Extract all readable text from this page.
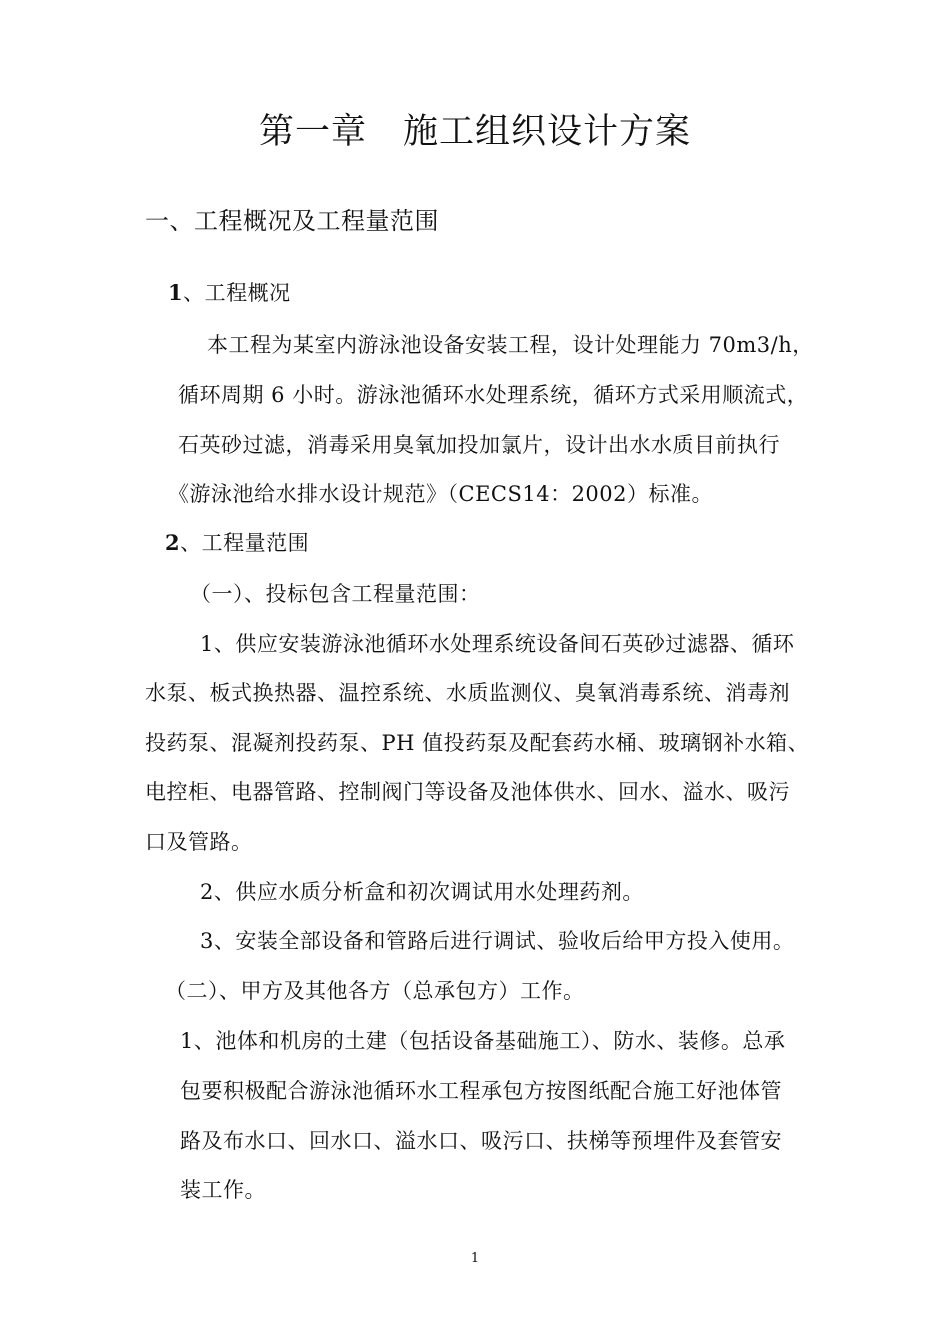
第一章　施工组织设计方案
一、工程概况及工程量范围
1、工程概况
本工程为某室内游泳池设备安装工程，设计处理能力 70m3/h，
循环周期 6 小时。游泳池循环水处理系统，循环方式采用顺流式，
石英砂过滤，消毒采用臭氧加投加氯片，设计出水水质目前执行
《游泳池给水排水设计规范》（CECS14：2002）标准。
2、工程量范围
（一）、投标包含工程量范围：
1、供应安装游泳池循环水处理系统设备间石英砂过滤器、循环
水泵、板式换热器、温控系统、水质监测仪、臭氧消毒系统、消毒剂
投药泵、混凝剂投药泵、PH 值投药泵及配套药水桶、玻璃钢补水箱、
电控柜、电器管路、控制阀门等设备及池体供水、回水、溢水、吸污
口及管路。
2、供应水质分析盒和初次调试用水处理药剂。
3、安装全部设备和管路后进行调试、验收后给甲方投入使用。
（二）、甲方及其他各方（总承包方）工作。
1、池体和机房的土建（包括设备基础施工）、防水、装修。总承
包要积极配合游泳池循环水工程承包方按图纸配合施工好池体管
路及布水口、回水口、溢水口、吸污口、扶梯等预埋件及套管安
装工作。
1
